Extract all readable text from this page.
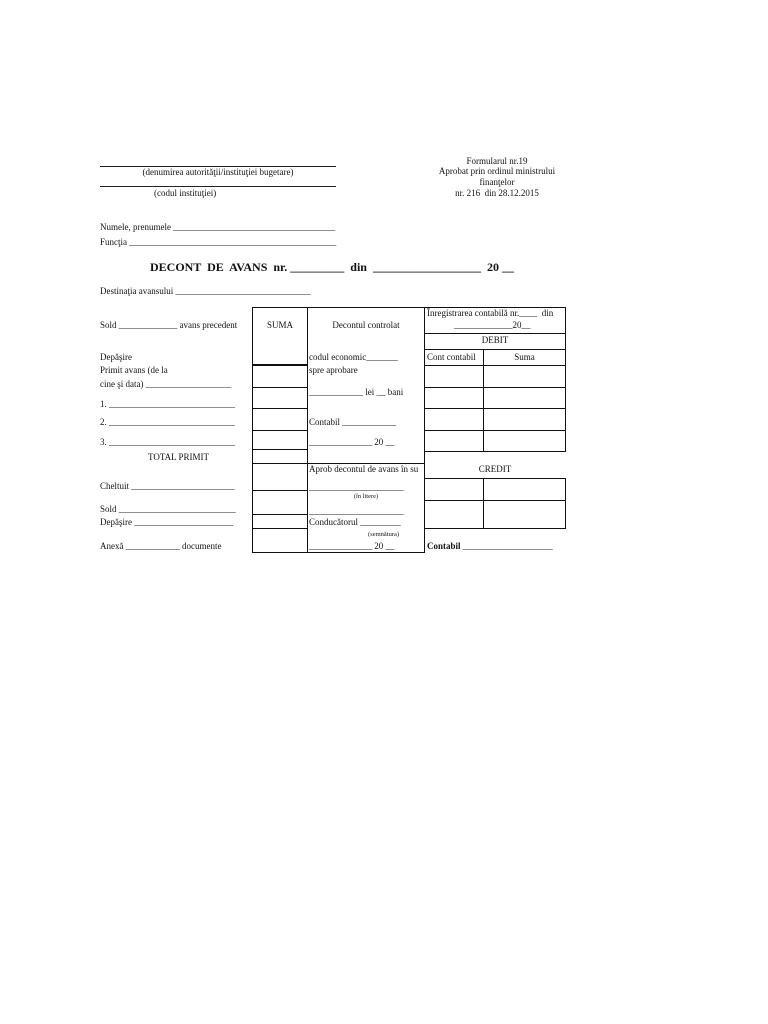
(denumirea autorităţii/instituţiei bugetare)
(codul instituţiei)
Formularul nr.19
Aprobat prin ordinul ministrului
finanţelor
nr. 216  din 28.12.2015
Numele, prenumele ____________________________________
Funcţia ______________________________________________
DECONT  DE  AVANS  nr. _________  din  __________________  20 __
Destinaţia avansului ______________________________
Sold _____________ avans precedent
Depăşire
Primit avans (de la
cine şi data) ___________________
1. ____________________________
2. ____________________________
3. ____________________________
TOTAL PRIMIT
Cheltuit _______________________
Sold __________________________
Depăşire ______________________
Anexă ____________ documente
SUMA	Decontul controlat
codul economic_______
spre aprobare
____________ lei __ bani
Contabil ____________
______________ 20 __
Aprob decontul de avans în su
_____________________
(în litere)
_____________________
Conducătorul _________
(semnătura)
______________ 20 __
Înregistrarea contabilă nr.____  din
_____________20__
DEBIT
Cont contabil	Suma
CREDIT
Contabil ____________________
